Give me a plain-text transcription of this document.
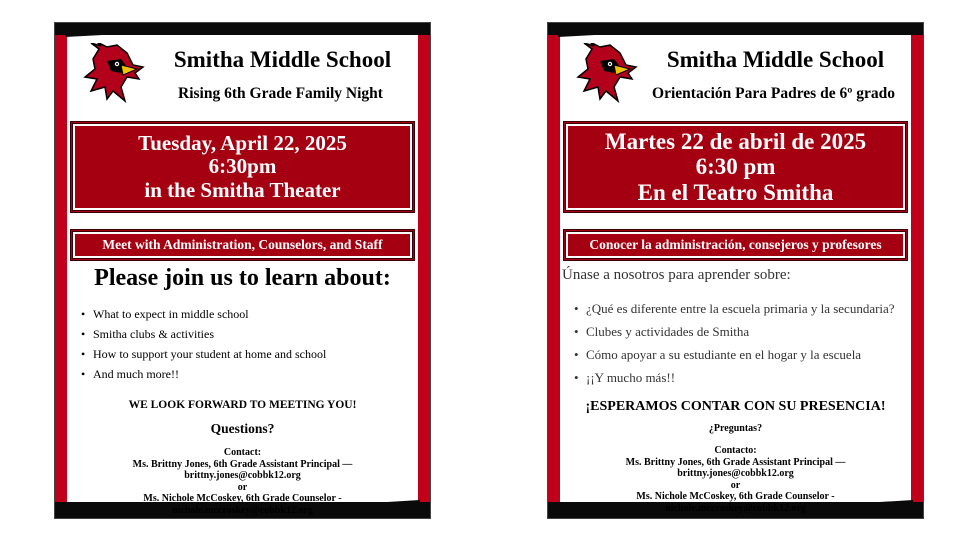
Smitha Middle School
Rising 6th Grade Family Night
Tuesday, April 22, 2025
6:30pm
in the Smitha Theater
Meet with Administration, Counselors, and Staff
Please join us to learn about:
• What to expect in middle school
• Smitha clubs & activities
• How to support your student at home and school
• And much more!!
WE LOOK FORWARD TO MEETING YOU!
Questions?
Contact:
Ms. Brittny Jones, 6th Grade Assistant Principal —
brittny.jones@cobbk12.org
or
Ms. Nichole McCoskey, 6th Grade Counselor -
nichole.mccroskey@cobbk12.org
Smitha Middle School
Orientación Para Padres de 6º grado
Martes 22 de abril de 2025
6:30 pm
En el Teatro Smitha
Conocer la administración, consejeros y profesores
Únase a nosotros para aprender sobre:
• ¿Qué es diferente entre la escuela primaria y la secundaria?
• Clubes y actividades de Smitha
• Cómo apoyar a su estudiante en el hogar y la escuela
• ¡¡Y mucho más!!
¡ESPERAMOS CONTAR CON SU PRESENCIA!
¿Preguntas?
Contacto:
Ms. Brittny Jones, 6th Grade Assistant Principal —
brittny.jones@cobbk12.org
or
Ms. Nichole McCoskey, 6th Grade Counselor -
nichole.mccroskey@cobbk12.org
